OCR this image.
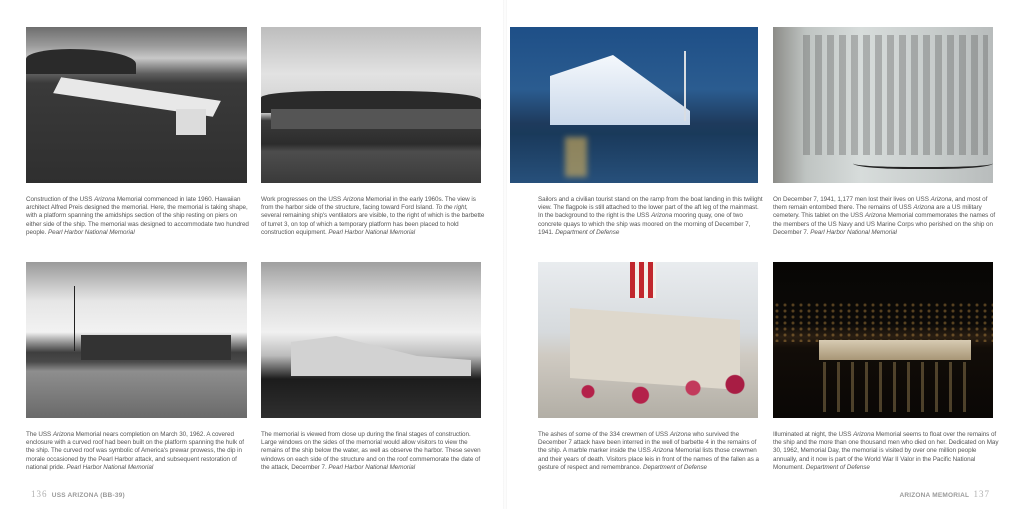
Construction of the USS Arizona Memorial commenced in late 1960. Hawaiian architect Alfred Preis designed the memorial. Here, the memorial is taking shape, with a platform spanning the amidships section of the ship resting on piers on either side of the ship. The memorial was designed to accommodate two hundred people. Pearl Harbor National Memorial
Work progresses on the USS Arizona Memorial in the early 1960s. The view is from the harbor side of the structure, facing toward Ford Island. To the right, several remaining ship's ventilators are visible, to the right of which is the barbette of turret 3, on top of which a temporary platform has been placed to hold construction equipment. Pearl Harbor National Memorial
The USS Arizona Memorial nears completion on March 30, 1962. A covered enclosure with a curved roof had been built on the platform spanning the hulk of the ship. The curved roof was symbolic of America's prewar prowess, the dip in morale occasioned by the Pearl Harbor attack, and subsequent restoration of national pride. Pearl Harbor National Memorial
The memorial is viewed from close up during the final stages of construction. Large windows on the sides of the memorial would allow visitors to view the remains of the ship below the water, as well as observe the harbor. These seven windows on each side of the structure and on the roof commemorate the date of the attack, December 7. Pearl Harbor National Memorial
Sailors and a civilian tourist stand on the ramp from the boat landing in this twilight view. The flagpole is still attached to the lower part of the aft leg of the mainmast. In the background to the right is the USS Arizona mooring quay, one of two concrete quays to which the ship was moored on the morning of December 7, 1941. Department of Defense
On December 7, 1941, 1,177 men lost their lives on USS Arizona, and most of them remain entombed there. The remains of USS Arizona are a US military cemetery. This tablet on the USS Arizona Memorial commemorates the names of the members of the US Navy and US Marine Corps who perished on the ship on December 7. Pearl Harbor National Memorial
The ashes of some of the 334 crewmen of USS Arizona who survived the December 7 attack have been interred in the well of barbette 4 in the remains of the ship. A marble marker inside the USS Arizona Memorial lists those crewmen and their years of death. Visitors place leis in front of the names of the fallen as a gesture of respect and remembrance. Department of Defense
Illuminated at night, the USS Arizona Memorial seems to float over the remains of the ship and the more than one thousand men who died on her. Dedicated on May 30, 1962, Memorial Day, the memorial is visited by over one million people annually, and it now is part of the World War II Valor in the Pacific National Monument. Department of Defense
136 USS ARIZONA (BB-39)	ARIZONA MEMORIAL 137
